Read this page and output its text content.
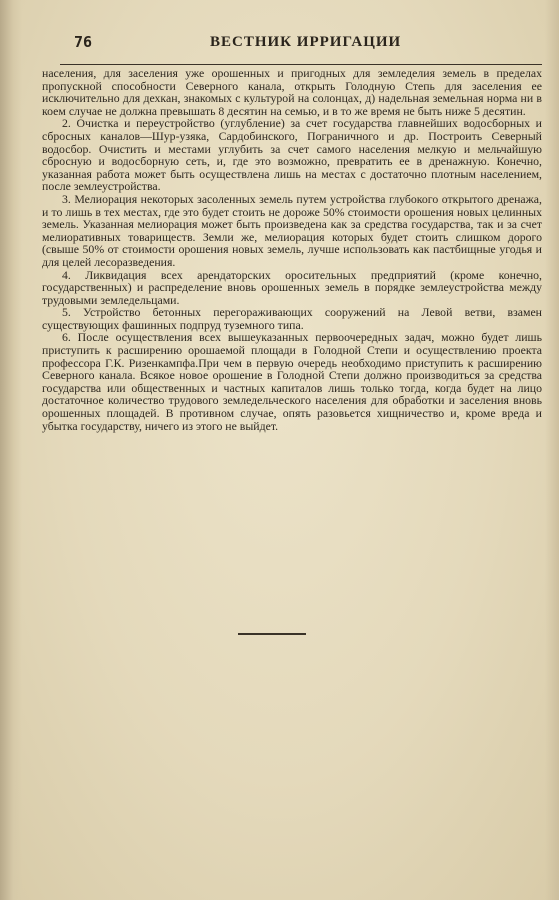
76	ВЕСТНИК ИРРИГАЦИИ

населения, для заселения уже орошенных и пригодных для земледелия земель в пределах пропускной способности Северного канала, открыть Голодную Степь для заселения ее исключительно для дехкан, знакомых с культурой на солонцах, д) надельная земельная норма ни в коем случае не должна превышать 8 десятин на семью, и в то же время не быть ниже 5 десятин.

2. Очистка и переустройство (углубление) за счет государства главнейших водосборных и сбросных каналов—Шур-узяка, Сардобинского, Пограничного и др. Построить Северный водосбор. Очистить и местами углубить за счет самого населения мелкую и мельчайшую сбросную и водосборную сеть, и, где это возможно, превратить ее в дренажную. Конечно, указанная работа может быть осуществлена лишь на местах с достаточно плотным населением, после землеустройства.

3. Мелиорация некоторых засоленных земель путем устройства глубокого открытого дренажа, и то лишь в тех местах, где это будет стоить не дороже 50% стоимости орошения новых целинных земель. Указанная мелиорация может быть произведена как за средства государства, так и за счет мелиоративных товариществ. Земли же, мелиорация которых будет стоить слишком дорого (свыше 50% от стоимости орошения новых земель, лучше использовать как пастбищные угодья и для целей лесоразведения.

4. Ликвидация всех арендаторских оросительных предприятий (кроме конечно, государственных) и распределение вновь орошенных земель в порядке землеустройства между трудовыми земледельцами.

5. Устройство бетонных перегораживающих сооружений на Левой ветви, взамен существующих фашинных подпруд туземного типа.

6. После осуществления всех вышеуказанных первоочередных задач, можно будет лишь приступить к расширению орошаемой площади в Голодной Степи и осуществлению проекта профессора Г.К. Ризенкампфа.При чем в первую очередь необходимо приступить к расширению Северного канала. Всякое новое орошение в Голодной Степи должно производиться за средства государства или общественных и частных капиталов лишь только тогда, когда будет на лицо достаточное количество трудового земледельческого населения для обработки и заселения вновь орошенных площадей. В противном случае, опять разовьется хищничество и, кроме вреда и убытка государству, ничего из этого не выйдет.
